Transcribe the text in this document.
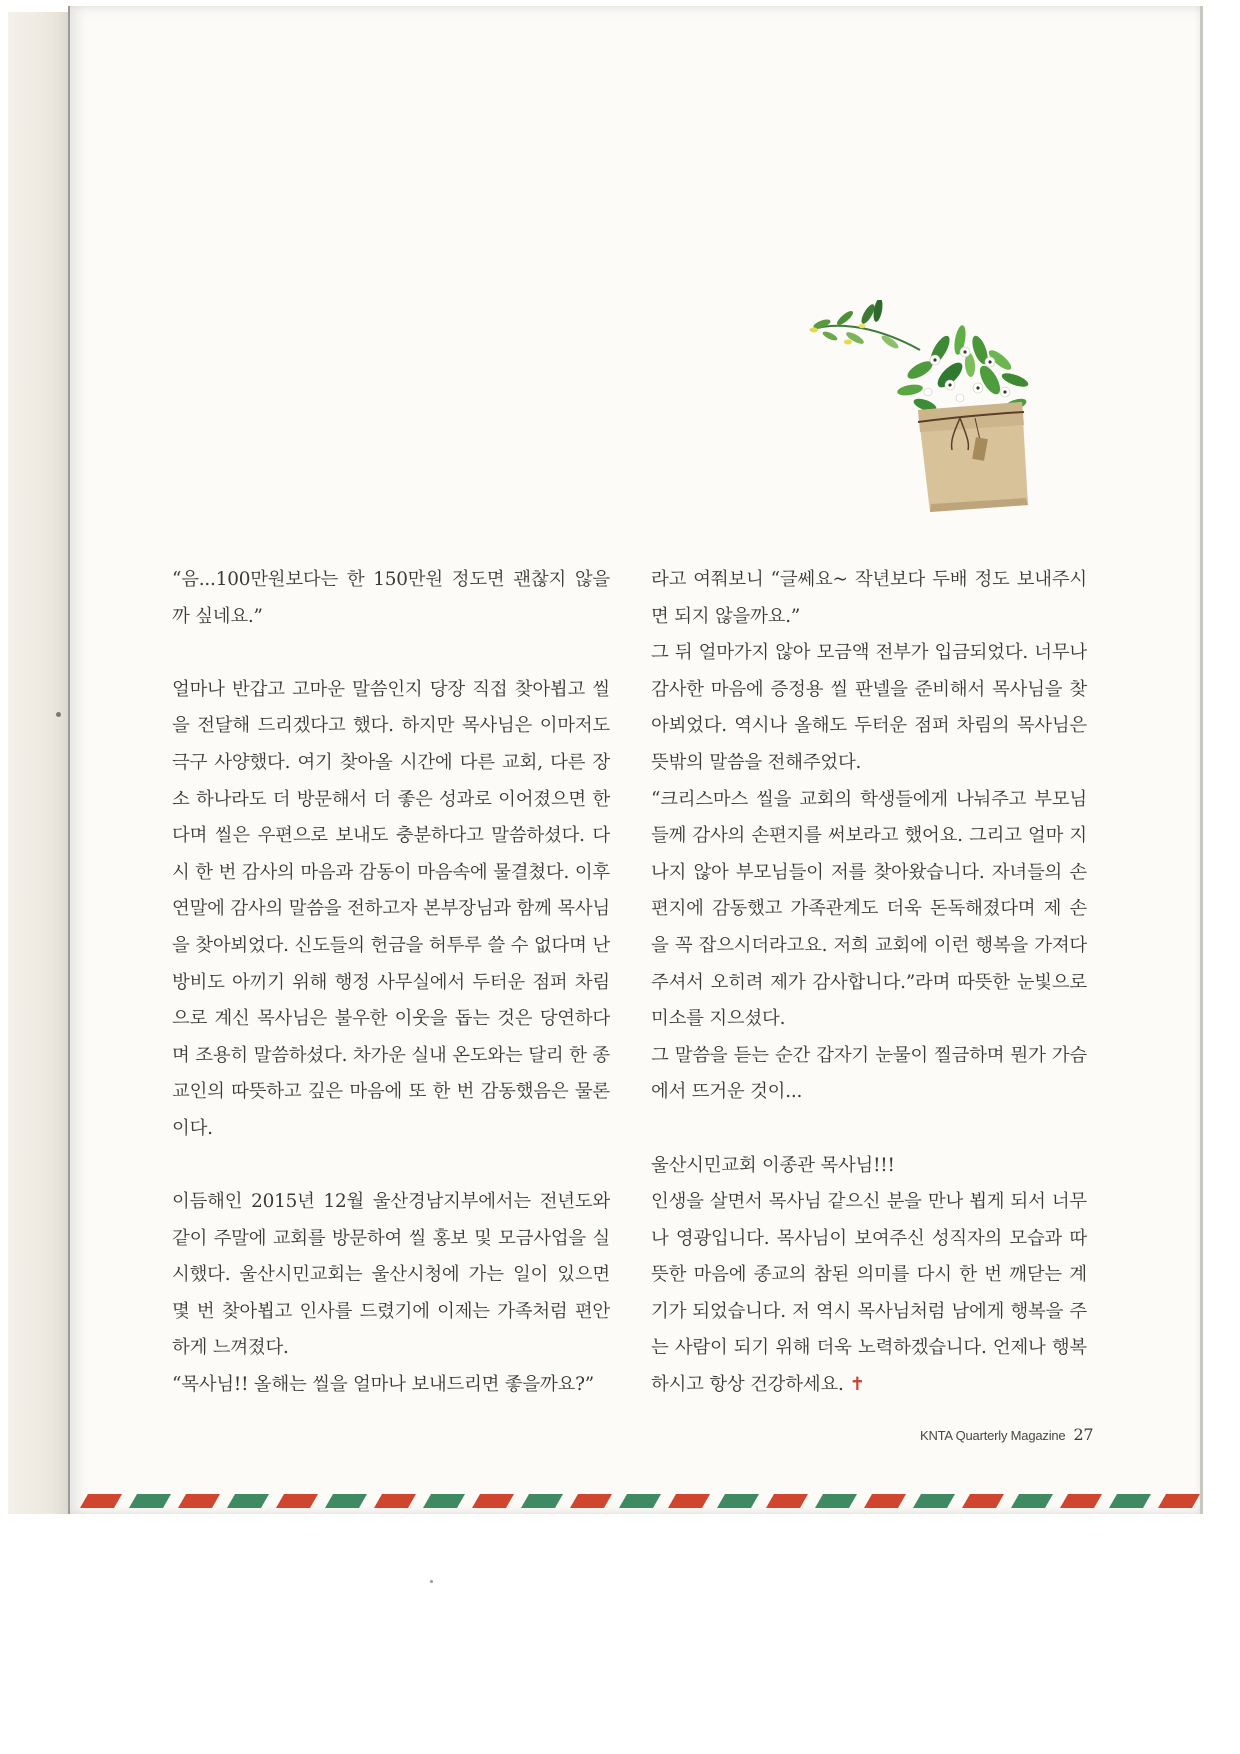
“음...100만원보다는 한 150만원 정도면 괜찮지 않을까 싶네요.”

얼마나 반갑고 고마운 말씀인지 당장 직접 찾아뵙고 씰을 전달해 드리겠다고 했다. 하지만 목사님은 이마저도 극구 사양했다. 여기 찾아올 시간에 다른 교회, 다른 장소 하나라도 더 방문해서 더 좋은 성과로 이어졌으면 한다며 씰은 우편으로 보내도 충분하다고 말씀하셨다. 다시 한 번 감사의 마음과 감동이 마음속에 물결쳤다. 이후 연말에 감사의 말씀을 전하고자 본부장님과 함께 목사님을 찾아뵈었다. 신도들의 헌금을 허투루 쓸 수 없다며 난방비도 아끼기 위해 행정 사무실에서 두터운 점퍼 차림으로 계신 목사님은 불우한 이웃을 돕는 것은 당연하다며 조용히 말씀하셨다. 차가운 실내 온도와는 달리 한 종교인의 따뜻하고 깊은 마음에 또 한 번 감동했음은 물론이다.

이듬해인 2015년 12월 울산경남지부에서는 전년도와 같이 주말에 교회를 방문하여 씰 홍보 및 모금사업을 실시했다. 울산시민교회는 울산시청에 가는 일이 있으면 몇 번 찾아뵙고 인사를 드렸기에 이제는 가족처럼 편안하게 느껴졌다.

“목사님!! 올해는 씰을 얼마나 보내드리면 좋을까요?”

라고 여쭤보니 “글쎄요~ 작년보다 두배 정도 보내주시면 되지 않을까요.”

그 뒤 얼마가지 않아 모금액 전부가 입금되었다. 너무나 감사한 마음에 증정용 씰 판넬을 준비해서 목사님을 찾아뵈었다. 역시나 올해도 두터운 점퍼 차림의 목사님은 뜻밖의 말씀을 전해주었다.

“크리스마스 씰을 교회의 학생들에게 나눠주고 부모님들께 감사의 손편지를 써보라고 했어요. 그리고 얼마 지나지 않아 부모님들이 저를 찾아왔습니다. 자녀들의 손편지에 감동했고 가족관계도 더욱 돈독해졌다며 제 손을 꼭 잡으시더라고요. 저희 교회에 이런 행복을 가져다 주셔서 오히려 제가 감사합니다.”라며 따뜻한 눈빛으로 미소를 지으셨다.

그 말씀을 듣는 순간 갑자기 눈물이 찔금하며 뭔가 가슴에서 뜨거운 것이...

울산시민교회 이종관 목사님!!!

인생을 살면서 목사님 같으신 분을 만나 뵙게 되서 너무나 영광입니다. 목사님이 보여주신 성직자의 모습과 따뜻한 마음에 종교의 참된 의미를 다시 한 번 깨닫는 계기가 되었습니다. 저 역시 목사님처럼 남에게 행복을 주는 사람이 되기 위해 더욱 노력하겠습니다. 언제나 행복하시고 항상 건강하세요. ✝

KNTA Quarterly Magazine 27
